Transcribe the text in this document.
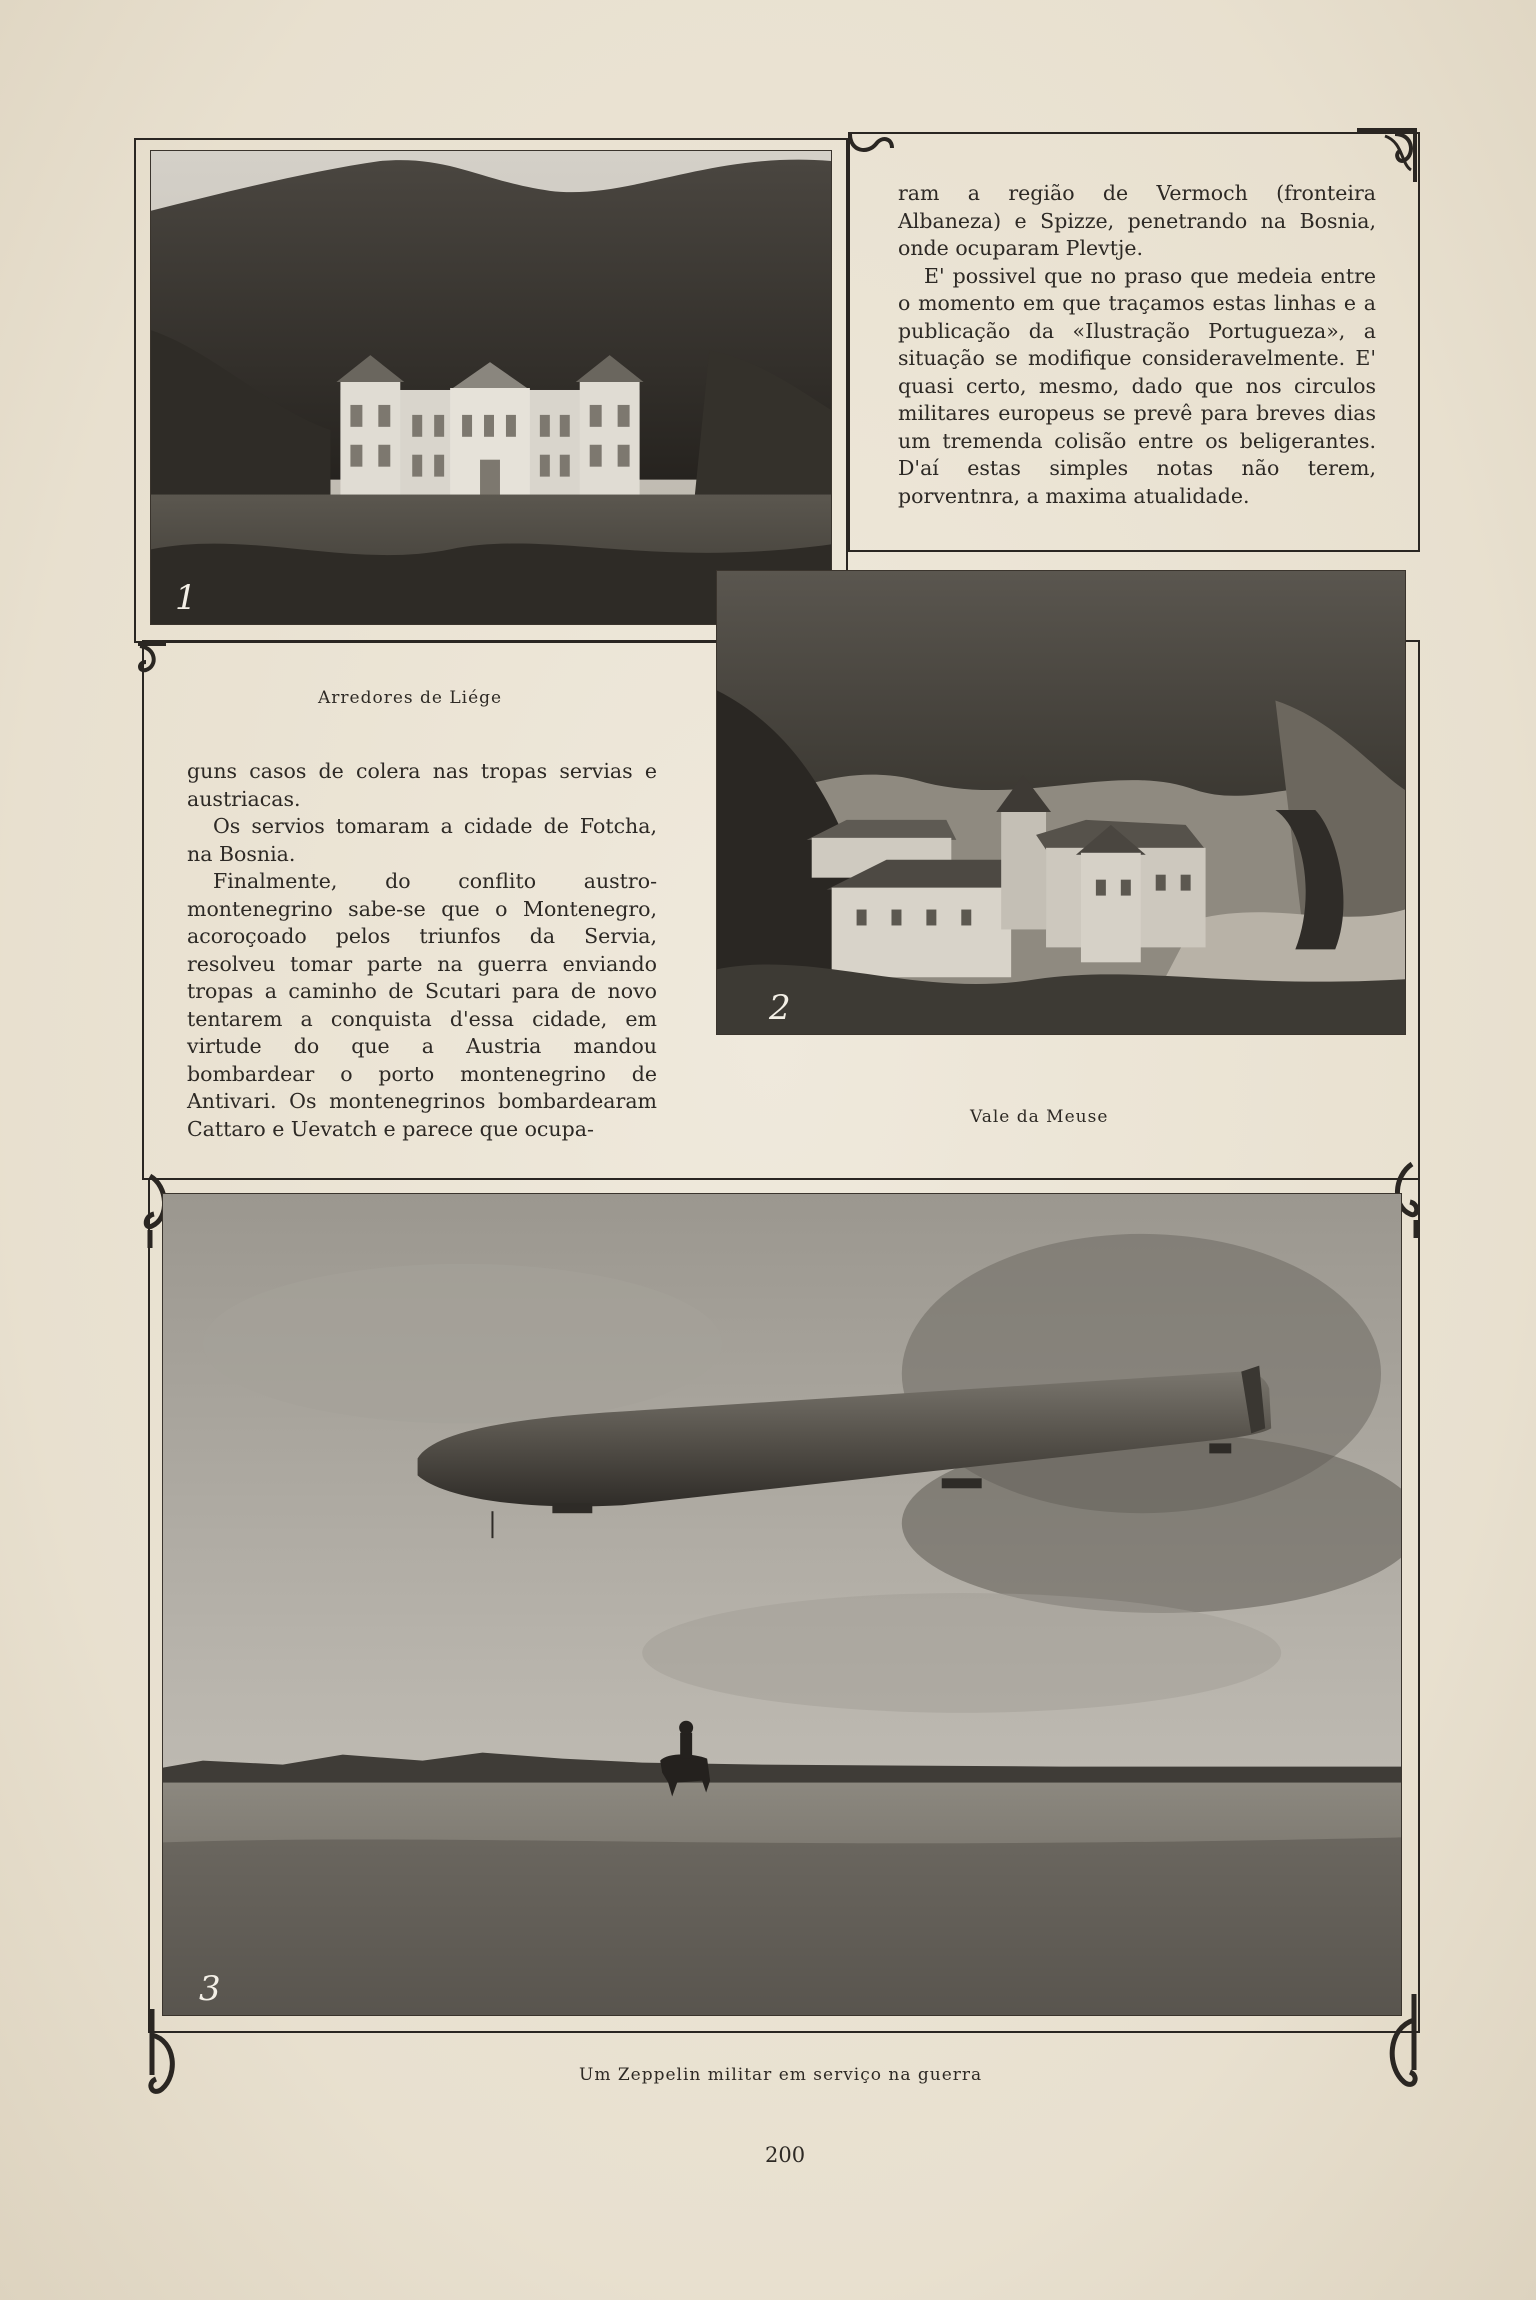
1

ram a região de Vermoch (fronteira Albaneza) e Spizze, penetrando na Bosnia, onde ocuparam Plevtje.

E' possivel que no praso que medeia entre o momento em que traçamos estas linhas e a publicação da «Ilustração Portugueza», a situação se modifique consideravelmente. E' quasi certo, mesmo, dado que nos circulos militares europeus se prevê para breves dias um tremenda colisão entre os beligerantes. D'aí estas simples notas não terem, porventnra, a maxima atualidade.

2
Arredores de Liége

guns casos de colera nas tropas servias e austriacas.

Os servios tomaram a cidade de Fotcha, na Bosnia.

Finalmente, do conflito austro-montenegrino sabe-se que o Montenegro, acoroçoado pelos triunfos da Servia, resolveu tomar parte na guerra enviando tropas a caminho de Scutari para de novo tentarem a conquista d'essa cidade, em virtude do que a Austria mandou bombardear o porto montenegrino de Antivari. Os montenegrinos bombardearam Cattaro e Uevatch e parece que ocupa-	Vale da Meuse
3
Um Zeppelin militar em serviço na guerra
200
